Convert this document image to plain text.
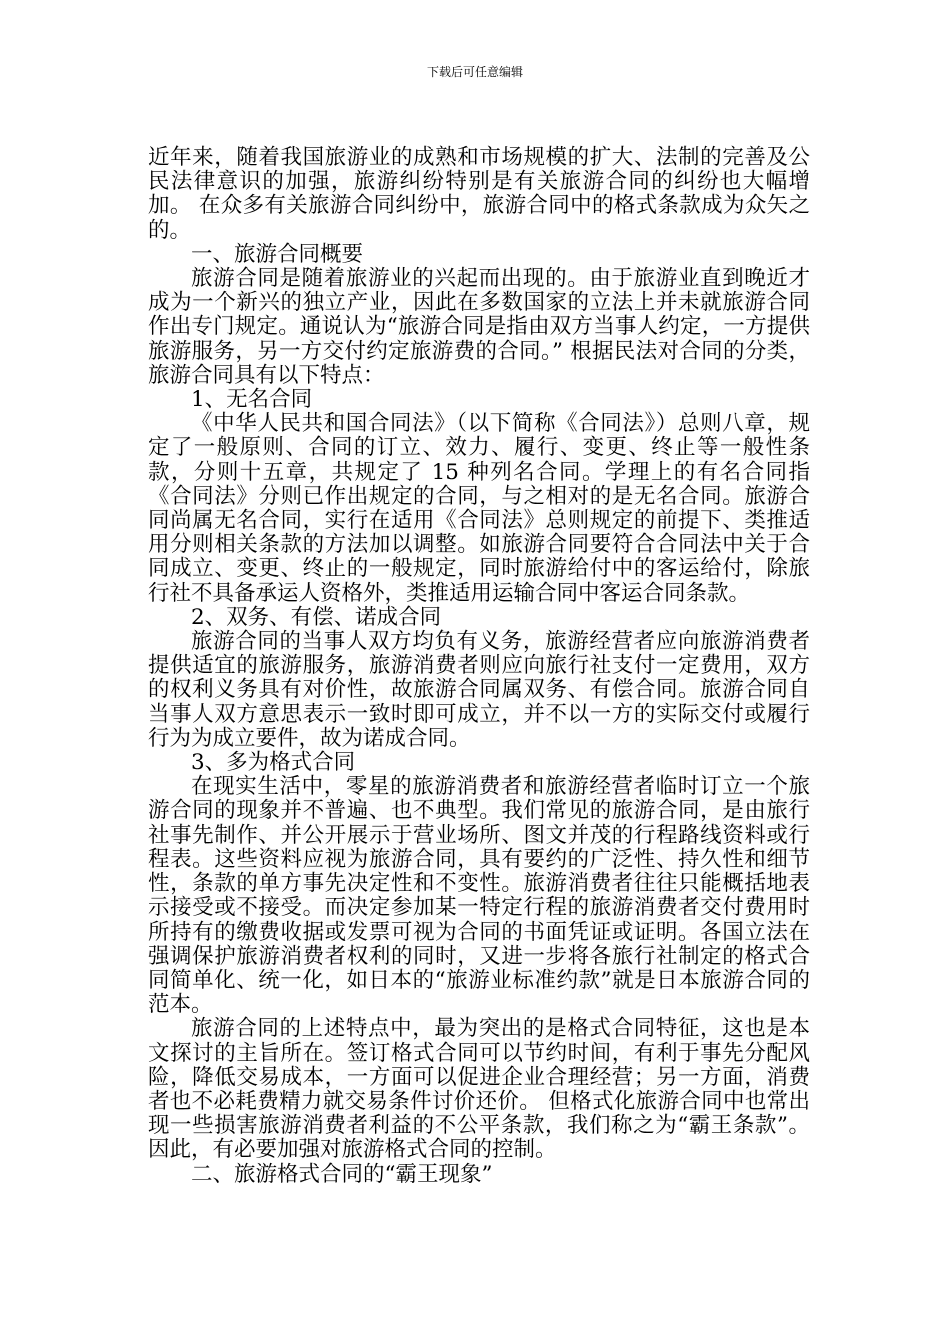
下载后可任意编辑

近年来，随着我国旅游业的成熟和市场规模的扩大、法制的完善及公民法律意识的加强，旅游纠纷特别是有关旅游合同的纠纷也大幅增加。 在众多有关旅游合同纠纷中，旅游合同中的格式条款成为众矢之的。

一、旅游合同概要

旅游合同是随着旅游业的兴起而出现的。由于旅游业直到晚近才成为一个新兴的独立产业，因此在多数国家的立法上并未就旅游合同作出专门规定。通说认为“旅游合同是指由双方当事人约定，一方提供旅游服务，另一方交付约定旅游费的合同。” 根据民法对合同的分类，旅游合同具有以下特点：

1、无名合同

《中华人民共和国合同法》（以下简称《合同法》）总则八章，规定了一般原则、合同的订立、效力、履行、变更、终止等一般性条款，分则十五章，共规定了 15 种列名合同。学理上的有名合同指《合同法》分则已作出规定的合同，与之相对的是无名合同。旅游合同尚属无名合同，实行在适用《合同法》总则规定的前提下、类推适用分则相关条款的方法加以调整。如旅游合同要符合合同法中关于合同成立、变更、终止的一般规定，同时旅游给付中的客运给付，除旅行社不具备承运人资格外，类推适用运输合同中客运合同条款。

2、双务、有偿、诺成合同

旅游合同的当事人双方均负有义务，旅游经营者应向旅游消费者提供适宜的旅游服务，旅游消费者则应向旅行社支付一定费用，双方的权利义务具有对价性，故旅游合同属双务、有偿合同。旅游合同自当事人双方意思表示一致时即可成立，并不以一方的实际交付或履行行为为成立要件，故为诺成合同。

3、多为格式合同

在现实生活中，零星的旅游消费者和旅游经营者临时订立一个旅游合同的现象并不普遍、也不典型。我们常见的旅游合同，是由旅行社事先制作、并公开展示于营业场所、图文并茂的行程路线资料或行程表。这些资料应视为旅游合同，具有要约的广泛性、持久性和细节性，条款的单方事先决定性和不变性。旅游消费者往往只能概括地表示接受或不接受。而决定参加某一特定行程的旅游消费者交付费用时所持有的缴费收据或发票可视为合同的书面凭证或证明。各国立法在强调保护旅游消费者权利的同时，又进一步将各旅行社制定的格式合同简单化、统一化，如日本的“旅游业标准约款”就是日本旅游合同的范本。

旅游合同的上述特点中，最为突出的是格式合同特征，这也是本文探讨的主旨所在。签订格式合同可以节约时间，有利于事先分配风险，降低交易成本，一方面可以促进企业合理经营；另一方面，消费者也不必耗费精力就交易条件讨价还价。 但格式化旅游合同中也常出现一些损害旅游消费者利益的不公平条款，我们称之为“霸王条款”。因此，有必要加强对旅游格式合同的控制。

二、旅游格式合同的“霸王现象”
